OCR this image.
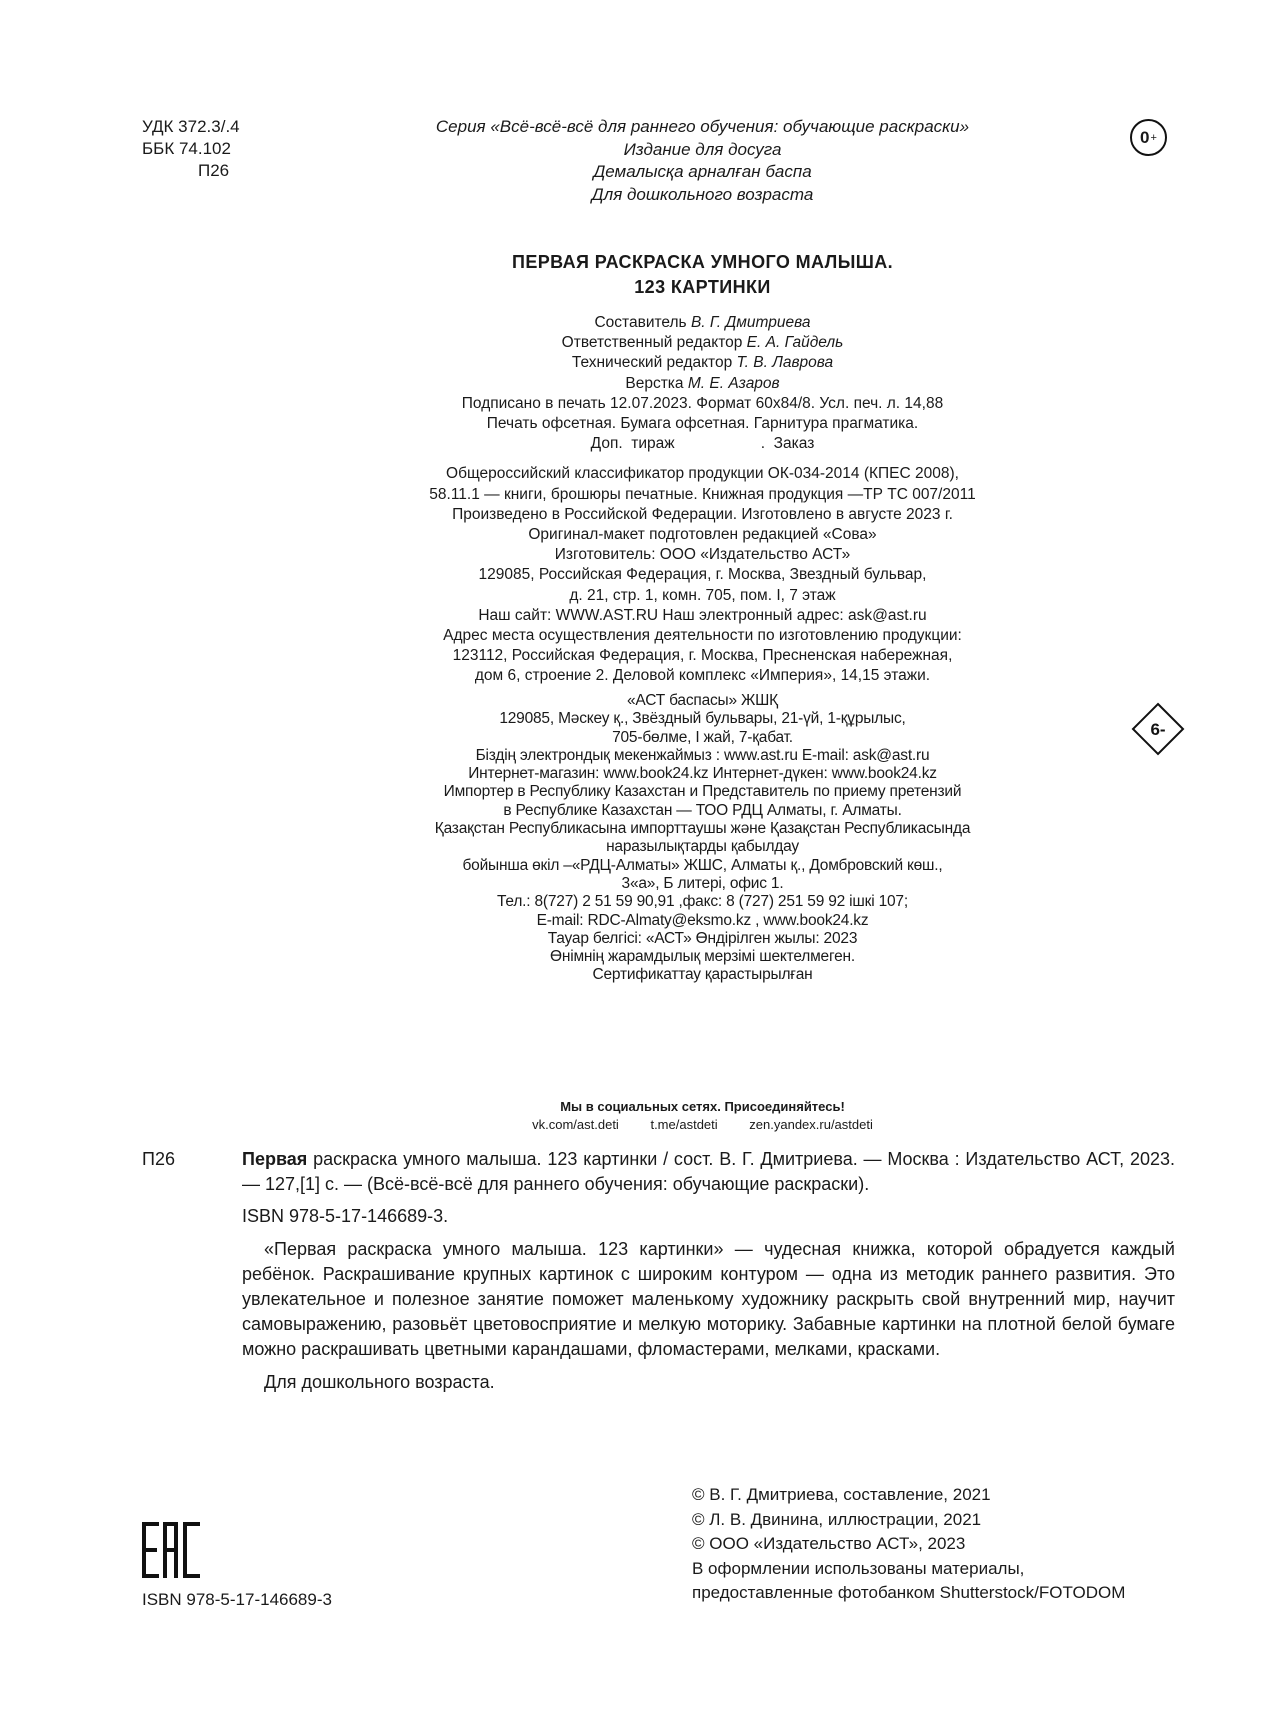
УДК 372.3/.4
ББК 74.102
П26
Серия «Всё-всё-всё для раннего обучения: обучающие раскраски»
Издание для досуга
Демалысқа арналған баспа
Для дошкольного возраста
0 +
ПЕРВАЯ РАСКРАСКА УМНОГО МАЛЫША.
123 КАРТИНКИ
Составитель В. Г. Дмитриева
Ответственный редактор Е. А. Гайдель
Технический редактор Т. В. Лаврова
Верстка М. Е. Азаров
Подписано в печать 12.07.2023. Формат 60x84/8. Усл. печ. л. 14,88
Печать офсетная. Бумага офсетная. Гарнитура прагматика.
Доп.  тираж                    .  Заказ
Общероссийский классификатор продукции ОК-034-2014 (КПЕС 2008),
58.11.1 — книги, брошюры печатные. Книжная продукция —ТР ТС 007/2011
Произведено в Российской Федерации. Изготовлено в августе 2023 г.
Оригинал-макет подготовлен редакцией «Сова»
Изготовитель: ООО «Издательство АСТ»
129085, Российская Федерация, г. Москва, Звездный бульвар,
д. 21, стр. 1, комн. 705, пом. I, 7 этаж
Наш сайт: WWW.AST.RU Наш электронный адрес: ask@ast.ru
Адрес места осуществления деятельности по изготовлению продукции:
123112, Российская Федерация, г. Москва, Пресненская набережная,
дом 6, строение 2. Деловой комплекс «Империя», 14,15 этажи.
«АСТ баспасы» ЖШҚ
129085, Мәскеу қ., Звёздный бульвары, 21-үй, 1-құрылыс,
705-бөлме, I жай, 7-қабат.
Біздің электрондық мекенжаймыз : www.ast.ru E-mail: ask@ast.ru
Интернет-магазин: www.book24.kz Интернет-дүкен: www.book24.kz
Импортер в Республику Казахстан и Представитель по приему претензий
в Республике Казахстан — ТОО РДЦ Алматы, г. Алматы.
Қазақстан Республикасына импорттаушы және Қазақстан Республикасында
наразылықтарды қабылдау
бойынша өкіл –«РДЦ-Алматы» ЖШС, Алматы қ., Домбровский көш.,
3«а», Б литері, офис 1.
Тел.: 8(727) 2 51 59 90,91 ,факс: 8 (727) 251 59 92 ішкі 107;
E-mail: RDC-Almaty@eksmo.kz , www.book24.kz
Тауар белгісі: «АСТ» Өндірілген жылы: 2023
Өнімнің жарамдылық мерзімі шектелмеген.
Сертификаттау қарастырылған
6-
Мы в социальных сетях. Присоединяйтесь!
vk.com/ast.deti t.me/astdeti zen.yandex.ru/astdeti
П26	Первая раскраска умного малыша. 123 картинки / сост. В. Г. Дмитриева. — Москва : Издательство АСТ, 2023. — 127,[1] с. — (Всё-всё-всё для раннего обучения: обучающие раскраски).

ISBN 978-5-17-146689-3.

«Первая раскраска умного малыша. 123 картинки» — чудесная книжка, которой обрадуется каждый ребёнок. Раскрашивание крупных картинок с широким контуром — одна из методик раннего развития. Это увлекательное и полезное занятие поможет маленькому художнику раскрыть свой внутренний мир, научит самовыражению, разовьёт цветовосприятие и мелкую моторику. Забавные картинки на плотной белой бумаге можно раскрашивать цветными карандашами, фломастерами, мелками, красками.

Для дошкольного возраста.

© В. Г. Дмитриева, составление, 2021
© Л. В. Двинина, иллюстрации, 2021
© ООО «Издательство АСТ», 2023
В оформлении использованы материалы,
предоставленные фотобанком Shutterstock/FOTODOM
ISBN 978-5-17-146689-3
